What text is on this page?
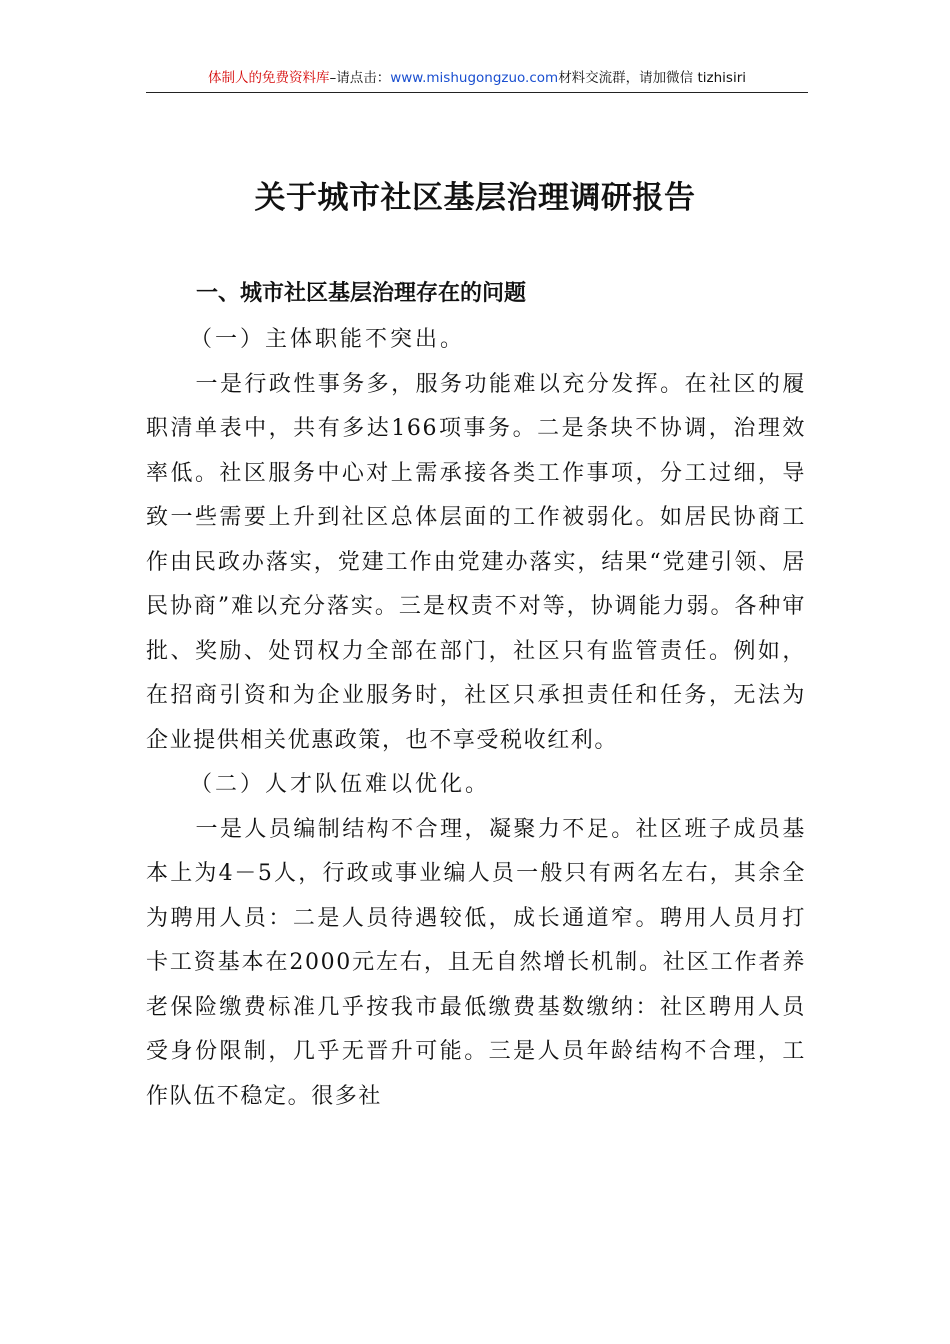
体制人的免费资料库–请点击：www.mishugongzuo.com材料交流群，请加微信 tizhisiri
关于城市社区基层治理调研报告
一、城市社区基层治理存在的问题

（一）主体职能不突出。

一是行政性事务多，服务功能难以充分发挥。在社区的履职清单表中，共有多达166项事务。二是条块不协调，治理效率低。社区服务中心对上需承接各类工作事项，分工过细，导致一些需要上升到社区总体层面的工作被弱化。如居民协商工作由民政办落实，党建工作由党建办落实，结果“党建引领、居民协商”难以充分落实。三是权责不对等，协调能力弱。各种审批、奖励、处罚权力全部在部门，社区只有监管责任。例如，在招商引资和为企业服务时，社区只承担责任和任务，无法为企业提供相关优惠政策，也不享受税收红利。

（二）人才队伍难以优化。

一是人员编制结构不合理，凝聚力不足。社区班子成员基本上为4－5人，行政或事业编人员一般只有两名左右，其余全为聘用人员：二是人员待遇较低，成长通道窄。聘用人员月打卡工资基本在2000元左右，且无自然增长机制。社区工作者养老保险缴费标准几乎按我市最低缴费基数缴纳：社区聘用人员受身份限制，几乎无晋升可能。三是人员年龄结构不合理，工作队伍不稳定。很多社
